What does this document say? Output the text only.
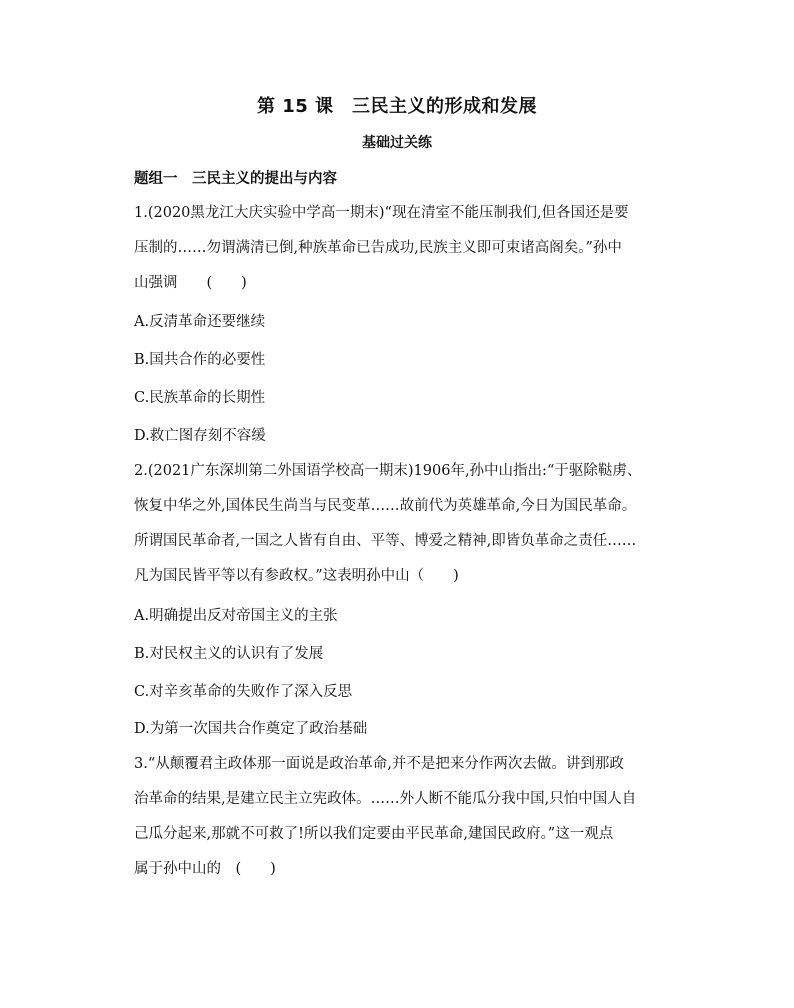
第 15 课　三民主义的形成和发展
基础过关练
题组一　三民主义的提出与内容
1.(2020黑龙江大庆实验中学高一期末)“现在清室不能压制我们,但各国还是要
压制的……勿谓满清已倒,种族革命已告成功,民族主义即可束诸高阁矣。”孙中
山强调　　(　　)
A.反清革命还要继续
B.国共合作的必要性
C.民族革命的长期性
D.救亡图存刻不容缓
2.(2021广东深圳第二外国语学校高一期末)1906年,孙中山指出:“于驱除鞑虏、
恢复中华之外,国体民生尚当与民变革……故前代为英雄革命,今日为国民革命。
所谓国民革命者,一国之人皆有自由、平等、博爱之精神,即皆负革命之责任……
凡为国民皆平等以有参政权。”这表明孙中山（　　)
A.明确提出反对帝国主义的主张
B.对民权主义的认识有了发展
C.对辛亥革命的失败作了深入反思
D.为第一次国共合作奠定了政治基础
3.“从颠覆君主政体那一面说是政治革命,并不是把来分作两次去做。讲到那政
治革命的结果,是建立民主立宪政体。……外人断不能瓜分我中国,只怕中国人自
己瓜分起来,那就不可救了!所以我们定要由平民革命,建国民政府。”这一观点
属于孙中山的　(　　)
